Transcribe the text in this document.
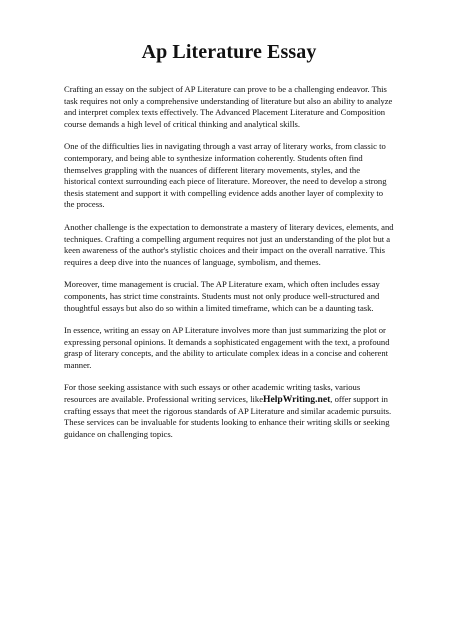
Ap Literature Essay

Crafting an essay on the subject of AP Literature can prove to be a challenging endeavor. This task requires not only a comprehensive understanding of literature but also an ability to analyze and interpret complex texts effectively. The Advanced Placement Literature and Composition course demands a high level of critical thinking and analytical skills.

One of the difficulties lies in navigating through a vast array of literary works, from classic to contemporary, and being able to synthesize information coherently. Students often find themselves grappling with the nuances of different literary movements, styles, and the historical context surrounding each piece of literature. Moreover, the need to develop a strong thesis statement and support it with compelling evidence adds another layer of complexity to the process.

Another challenge is the expectation to demonstrate a mastery of literary devices, elements, and techniques. Crafting a compelling argument requires not just an understanding of the plot but a keen awareness of the author's stylistic choices and their impact on the overall narrative. This requires a deep dive into the nuances of language, symbolism, and themes.

Moreover, time management is crucial. The AP Literature exam, which often includes essay components, has strict time constraints. Students must not only produce well-structured and thoughtful essays but also do so within a limited timeframe, which can be a daunting task.

In essence, writing an essay on AP Literature involves more than just summarizing the plot or expressing personal opinions. It demands a sophisticated engagement with the text, a profound grasp of literary concepts, and the ability to articulate complex ideas in a concise and coherent manner.

For those seeking assistance with such essays or other academic writing tasks, various resources are available. Professional writing services, likeHelpWriting.net, offer support in crafting essays that meet the rigorous standards of AP Literature and similar academic pursuits. These services can be invaluable for students looking to enhance their writing skills or seeking guidance on challenging topics.
